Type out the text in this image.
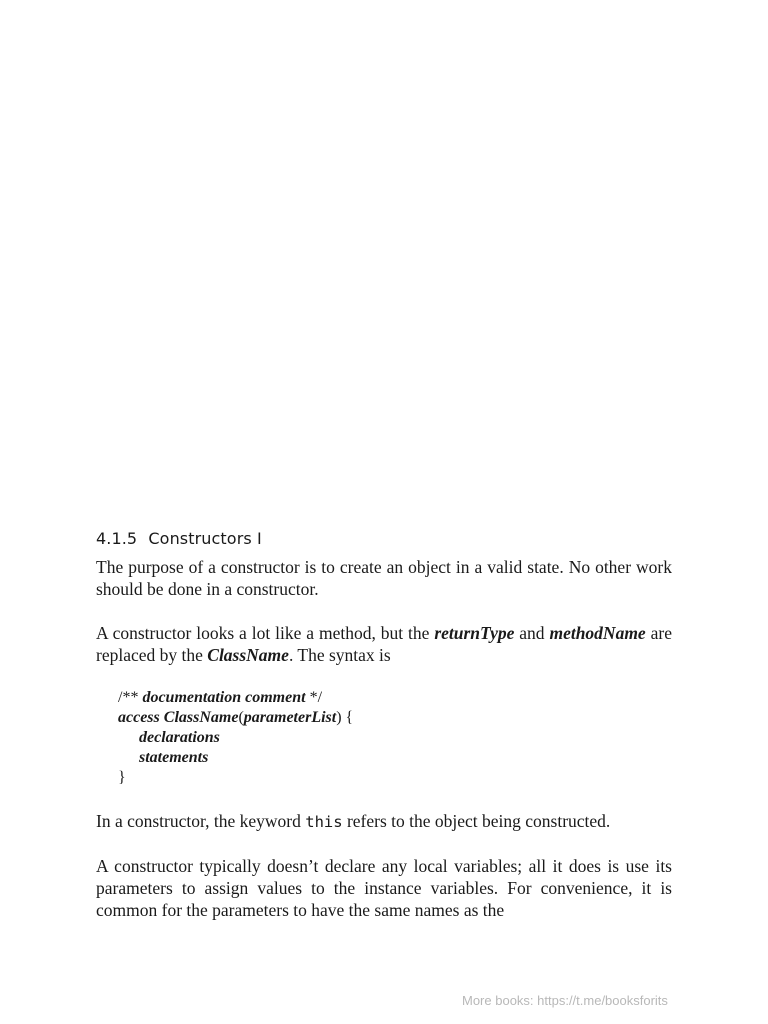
4.1.5 Constructors I

The purpose of a constructor is to create an object in a valid state. No other work should be done in a constructor.

A constructor looks a lot like a method, but the returnType and methodName are replaced by the ClassName. The syntax is

/** documentation comment */
access ClassName(parameterList) {
declarations
statements
}

In a constructor, the keyword this refers to the object being constructed.

A constructor typically doesn’t declare any local variables; all it does is use its parameters to assign values to the instance variables. For convenience, it is common for the parameters to have the same names as the

More books: https://t.me/booksforits
